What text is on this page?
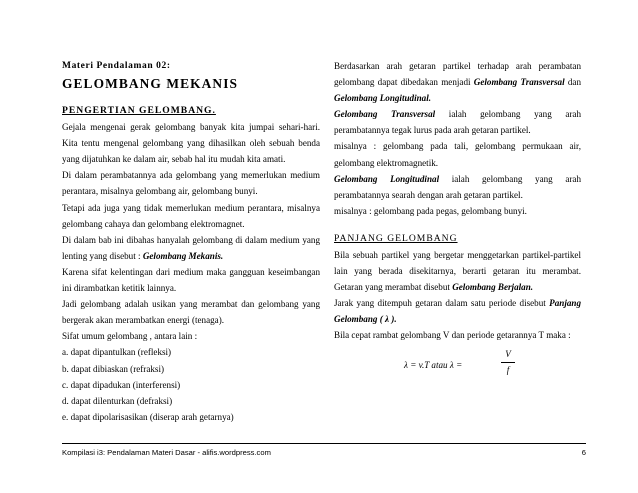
Materi Pendalaman 02:

GELOMBANG MEKANIS

PENGERTIAN GELOMBANG.

Gejala mengenai gerak gelombang banyak kita jumpai sehari-hari. Kita tentu mengenal gelombang yang dihasilkan oleh sebuah benda yang dijatuhkan ke dalam air, sebab hal itu mudah kita amati.

Di dalam perambatannya ada gelombang yang memerlukan medium perantara, misalnya gelombang air, gelombang bunyi.

Tetapi ada juga yang tidak memerlukan medium perantara, misalnya gelombang cahaya dan gelombang elektromagnet.

Di dalam bab ini dibahas hanyalah gelombang di dalam medium yang lenting yang disebut : Gelombang Mekanis.

Karena sifat kelentingan dari medium maka gangguan keseimbangan ini dirambatkan ketitik lainnya.

Jadi gelombang adalah usikan yang merambat dan gelombang yang bergerak akan merambatkan energi (tenaga).

Sifat umum gelombang , antara lain :

a. dapat dipantulkan (refleksi)

b. dapat dibiaskan (refraksi)

c. dapat dipadukan (interferensi)

d. dapat dilenturkan (defraksi)

e. dapat dipolarisasikan (diserap arah getarnya)

Berdasarkan arah getaran partikel terhadap arah perambatan gelombang dapat dibedakan menjadi Gelombang Transversal dan Gelombang Longitudinal.

Gelombang Transversal ialah gelombang yang arah perambatannya tegak lurus pada arah getaran partikel.

misalnya : gelombang pada tali, gelombang permukaan air, gelombang elektromagnetik.

Gelombang Longitudinal ialah gelombang yang arah perambatannya searah dengan arah getaran partikel.

misalnya : gelombang pada pegas, gelombang bunyi.

PANJANG GELOMBANG

Bila sebuah partikel yang bergetar menggetarkan partikel-partikel lain yang berada disekitarnya, berarti getaran itu merambat. Getaran yang merambat disebut Gelombang Berjalan.

Jarak yang ditempuh getaran dalam satu periode disebut Panjang Gelombang ( λ ).

Bila cepat rambat gelombang V dan periode getarannya T maka :

λ = v.T atau λ =
V
f
Kompilasi i3: Pendalaman Materi Dasar - alifis.wordpress.com	6
